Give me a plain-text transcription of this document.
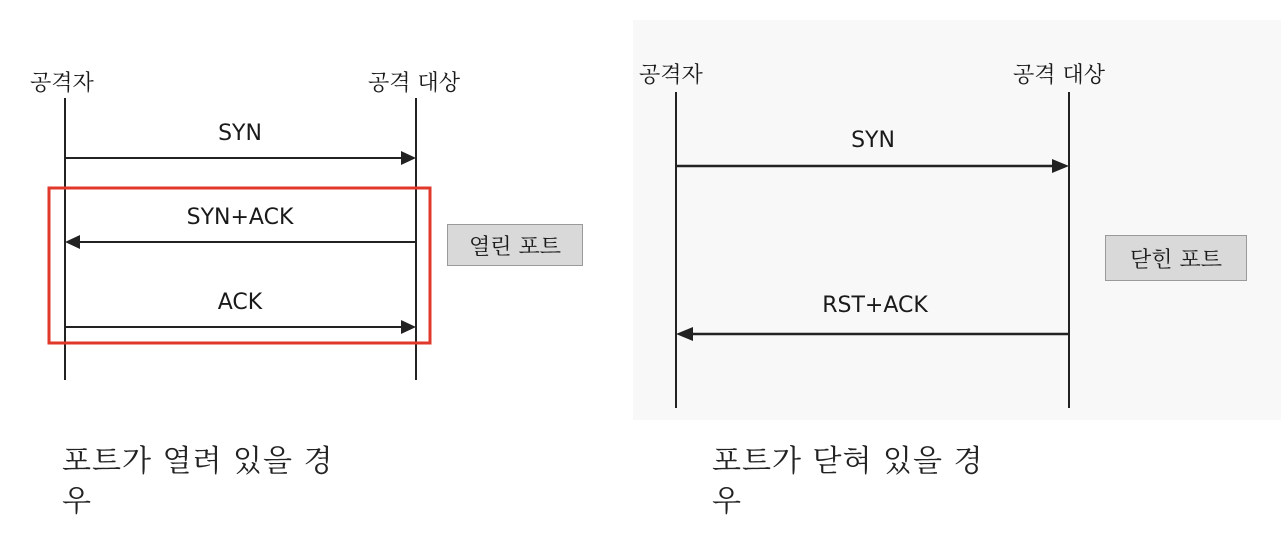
공격자	공격 대상
SYN
SYN+ACK
ACK
열린 포트
공격자	공격 대상
SYN
RST+ACK
닫힌 포트
포트가 열려 있을 경
우
포트가 닫혀 있을 경
우
